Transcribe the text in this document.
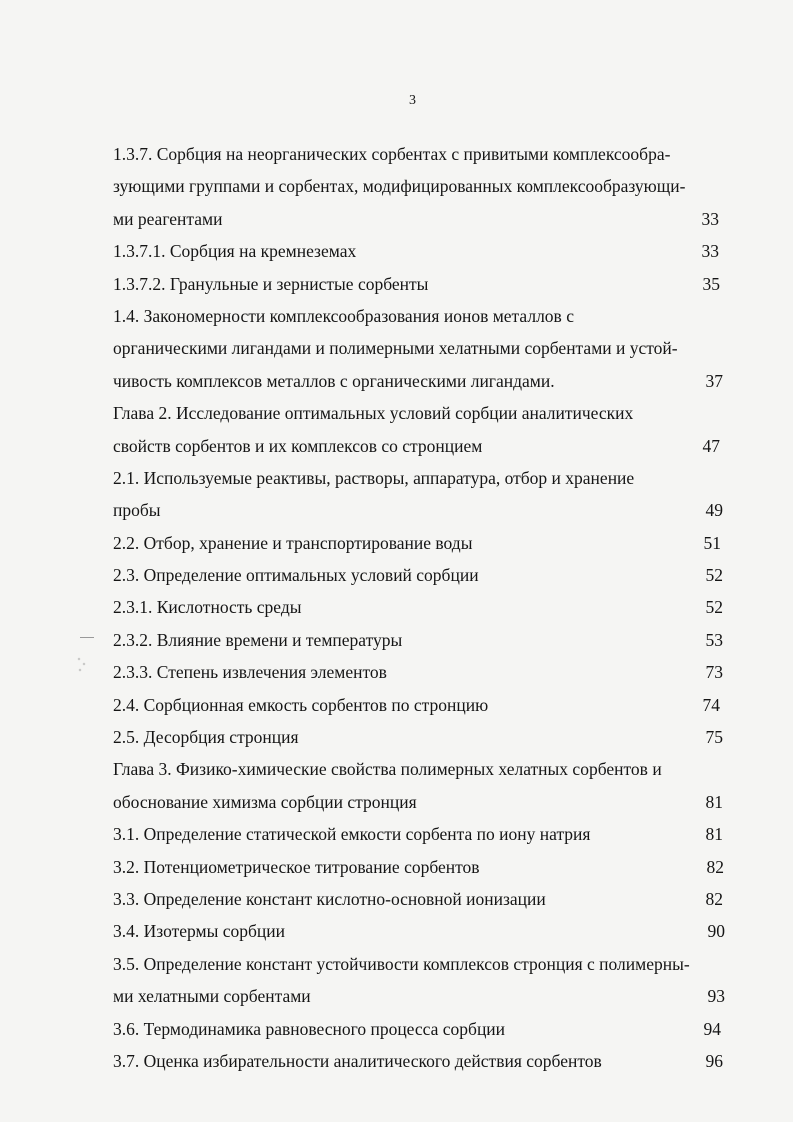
3
1.3.7. Сорбция на неорганических сорбентах с привитыми комплексообра-
зующими группами и сорбентах, модифицированных комплексообразующи-
ми реагентами	33
1.3.7.1. Сорбция на кремнеземах	33
1.3.7.2. Гранульные и зернистые сорбенты	35
1.4. Закономерности комплексообразования ионов металлов с
органическими лигандами и полимерными хелатными сорбентами и устой-
чивость комплексов металлов с органическими лигандами.	37
Глава 2. Исследование оптимальных условий сорбции аналитических
свойств сорбентов и их комплексов со стронцием	47
2.1. Используемые реактивы, растворы, аппаратура, отбор и хранение
пробы	49
2.2. Отбор, хранение и транспортирование воды	51
2.3. Определение оптимальных условий сорбции	52
2.3.1. Кислотность среды	52
2.3.2. Влияние времени и температуры	53
2.3.3. Степень извлечения элементов	73
2.4. Сорбционная емкость сорбентов по стронцию	74
2.5. Десорбция стронция	75
Глава 3. Физико-химические свойства полимерных хелатных сорбентов и
обоснование химизма сорбции стронция	81
3.1. Определение статической емкости сорбента по иону натрия	81
3.2. Потенциометрическое титрование сорбентов	82
3.3. Определение констант кислотно-основной ионизации	82
3.4. Изотермы сорбции	90
3.5. Определение констант устойчивости комплексов стронция с полимерны-
ми хелатными сорбентами	93
3.6. Термодинамика равновесного процесса сорбции	94
3.7. Оценка избирательности аналитического действия сорбентов	96
